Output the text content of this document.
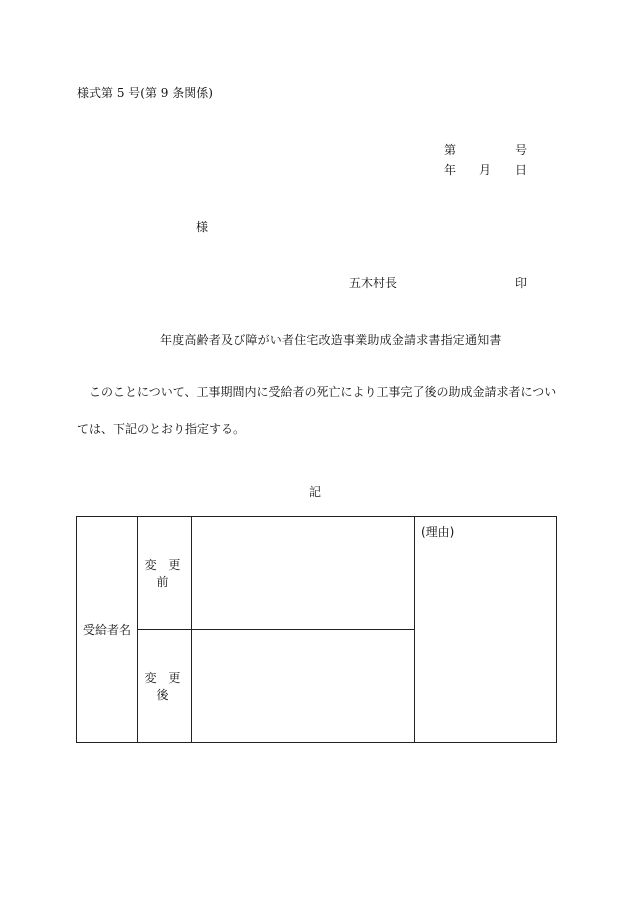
様式第 5 号(第 9 条関係)
第	号
年 月 日
様
五木村長	印
年度高齢者及び障がい者住宅改造事業助成金請求書指定通知書
このことについて、工事期間内に受給者の死亡により工事完了後の助成金請求者については、下記のとおり指定する。
記
受給者名	変 更 前		(理由)
	変 更 後		
